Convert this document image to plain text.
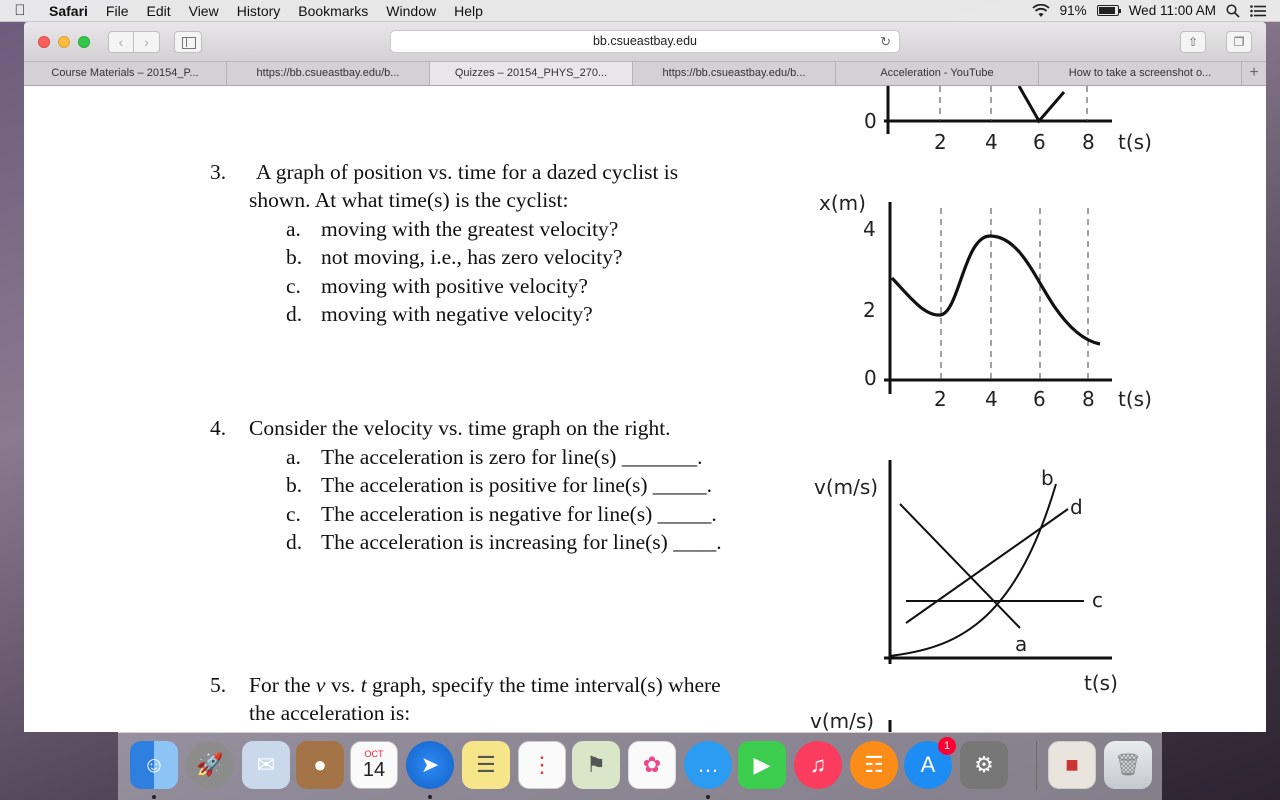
Safari	File	Edit	View	History	Bookmarks	Window	Help	91%	Wed 11:00 AM
‹	›	bb.csueastbay.edu	↻	⇧	❐
Course Materials – 20154_P...	https://bb.csueastbay.edu/b...	Quizzes – 20154_PHYS_270...	https://bb.csueastbay.edu/b...	Acceleration - YouTube	How to take a screenshot o...	+
3. A graph of position vs. time for a dazed cyclist is
shown. At what time(s) is the cyclist:
a. moving with the greatest velocity?
b. not moving, i.e., has zero velocity?
c. moving with positive velocity?
d. moving with negative velocity?
4. Consider the velocity vs. time graph on the right.
a. The acceleration is zero for line(s) _______.
b. The acceleration is positive for line(s) _____.
c. The acceleration is negative for line(s) _____.
d. The acceleration is increasing for line(s) ____.
5. For the v vs. t graph, specify the time interval(s) where
the acceleration is:
0
2 4 6 8 t(s)
x(m)
4
2
0
2 4 6 8 t(s)
v(m/s)
a
b
c
d
t(s)
v(m/s)
☺	🚀	✉	●	OCT
14	➤	☰	⋮	⚑	✿	…	▶	♫	☶	A
1
⚙	■	🗑
